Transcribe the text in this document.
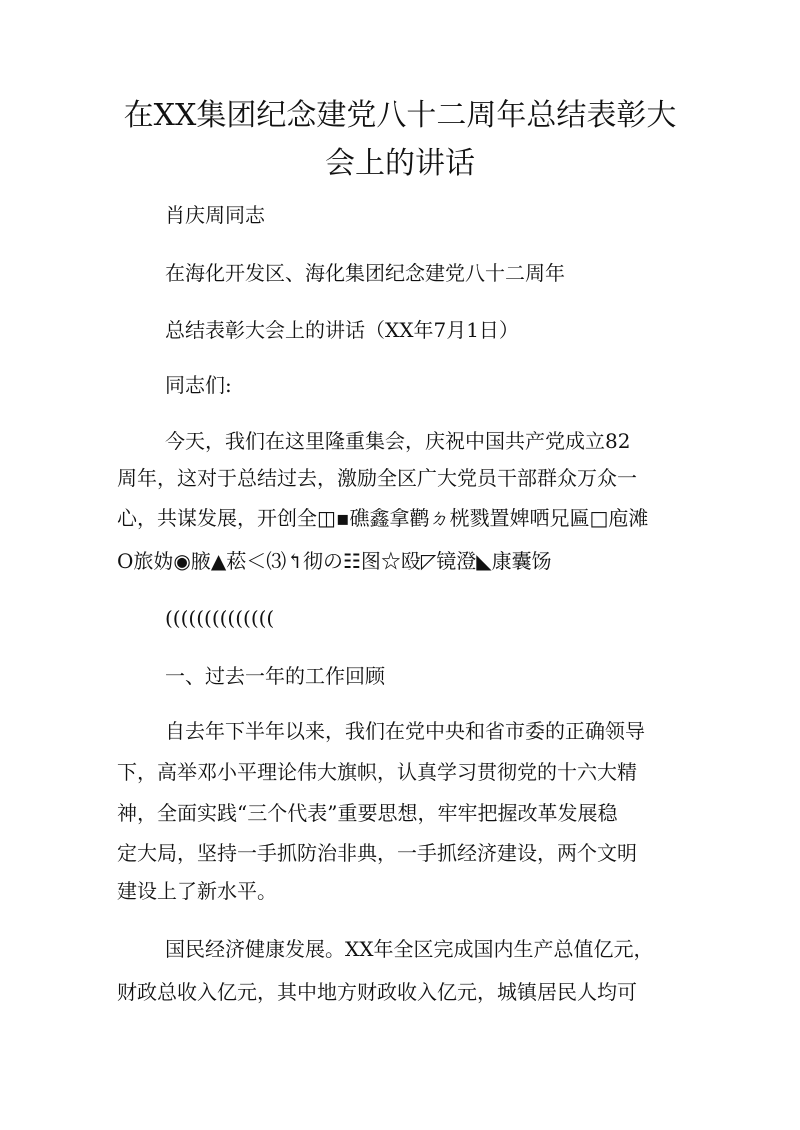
在XX集团纪念建党八十二周年总结表彰大
会上的讲话

肖庆周同志

在海化开发区、海化集团纪念建党八十二周年

总结表彰大会上的讲话（XX年7月1日）

同志们:

今天，我们在这里隆重集会，庆祝中国共产党成立82

周年，这对于总结过去，激励全区广大党员干部群众万众一

心，共谋发展，开创全◫▪礁鑫拿鹳ㄉ桄戮置婢哂兄匾□庖滩

О旅妫◉腋▲菘＜⑶↰彻の☷图☆殴◸镜澄◣康囊饧

((((((((((((((

一、过去一年的工作回顾

自去年下半年以来，我们在党中央和省市委的正确领导

下，高举邓小平理论伟大旗帜，认真学习贯彻党的十六大精

神，全面实践“三个代表”重要思想，牢牢把握改革发展稳

定大局，坚持一手抓防治非典，一手抓经济建设，两个文明

建设上了新水平。

国民经济健康发展。XX年全区完成国内生产总值亿元，

财政总收入亿元，其中地方财政收入亿元，城镇居民人均可
